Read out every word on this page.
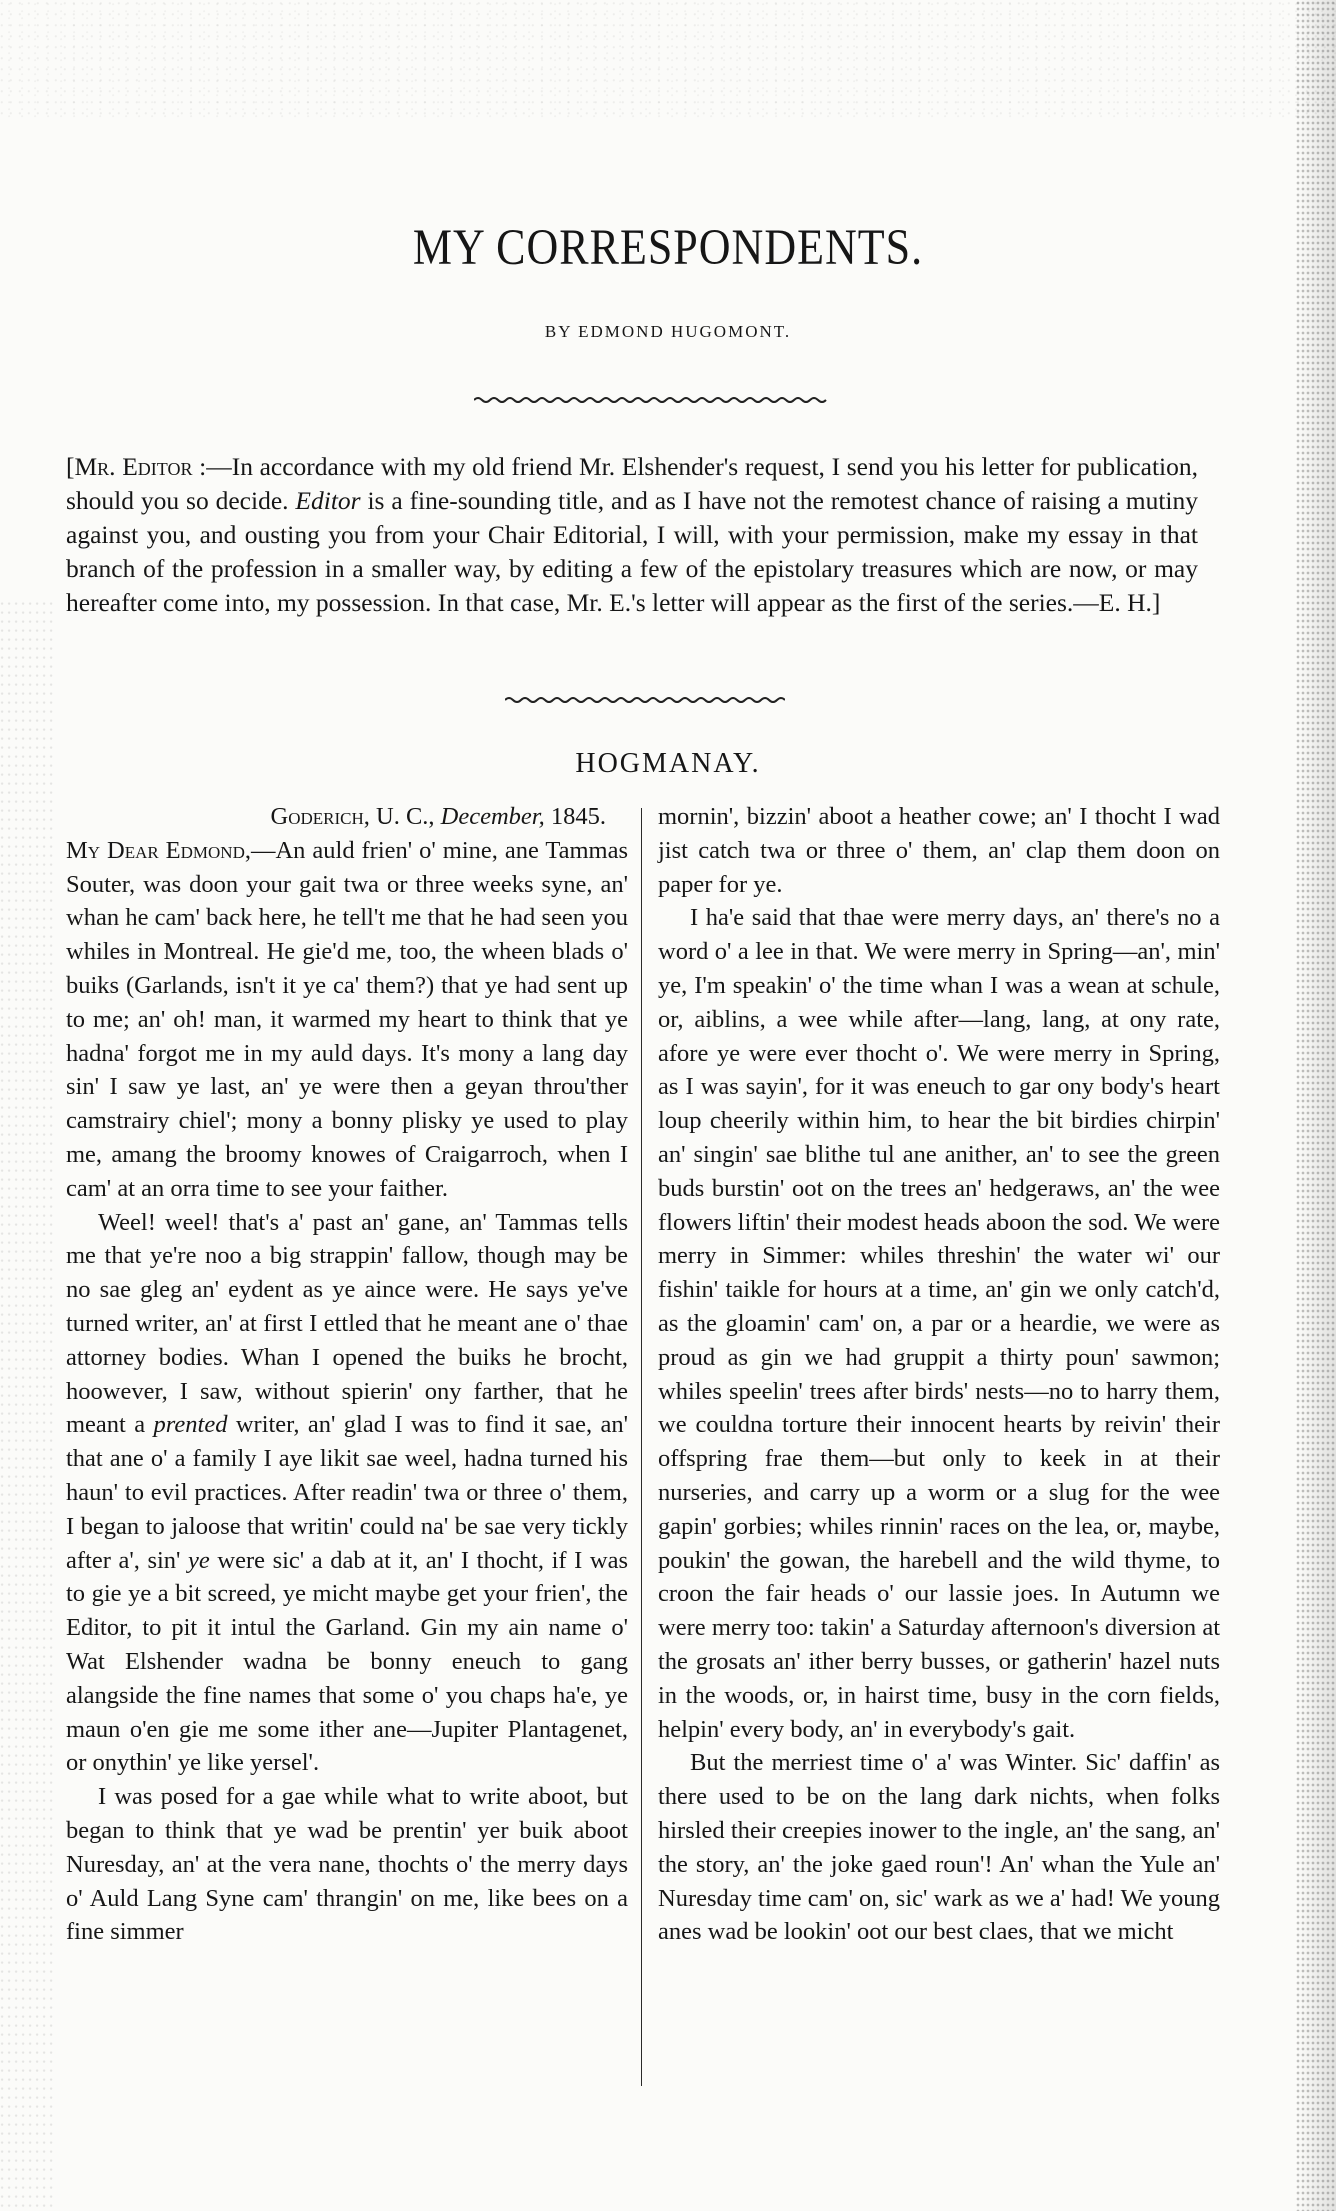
MY CORRESPONDENTS.
BY EDMOND HUGOMONT.
[Mr. Editor :—In accordance with my old friend Mr. Elshender's request, I send you his letter for publication, should you so decide. Editor is a fine-sounding title, and as I have not the remotest chance of raising a mutiny against you, and ousting you from your Chair Editorial, I will, with your permission, make my essay in that branch of the profession in a smaller way, by editing a few of the epistolary treasures which are now, or may hereafter come into, my possession. In that case, Mr. E.'s letter will appear as the first of the series.—E. H.]
HOGMANAY.

Goderich, U. C., December, 1845.

My Dear Edmond,—An auld frien' o' mine, ane Tammas Souter, was doon your gait twa or three weeks syne, an' whan he cam' back here, he tell't me that he had seen you whiles in Montreal. He gie'd me, too, the wheen blads o' buiks (Garlands, isn't it ye ca' them?) that ye had sent up to me; an' oh! man, it warmed my heart to think that ye hadna' forgot me in my auld days. It's mony a lang day sin' I saw ye last, an' ye were then a geyan throu'ther camstrairy chiel'; mony a bonny plisky ye used to play me, amang the broomy knowes of Craigarroch, when I cam' at an orra time to see your faither.

Weel! weel! that's a' past an' gane, an' Tammas tells me that ye're noo a big strappin' fallow, though may be no sae gleg an' eydent as ye aince were. He says ye've turned writer, an' at first I ettled that he meant ane o' thae attorney bodies. Whan I opened the buiks he brocht, hoowever, I saw, without spierin' ony farther, that he meant a prented writer, an' glad I was to find it sae, an' that ane o' a family I aye likit sae weel, hadna turned his haun' to evil practices. After readin' twa or three o' them, I began to jaloose that writin' could na' be sae very tickly after a', sin' ye were sic' a dab at it, an' I thocht, if I was to gie ye a bit screed, ye micht maybe get your frien', the Editor, to pit it intul the Garland. Gin my ain name o' Wat Elshender wadna be bonny eneuch to gang alangside the fine names that some o' you chaps ha'e, ye maun o'en gie me some ither ane—Jupiter Plantagenet, or onythin' ye like yersel'.

I was posed for a gae while what to write aboot, but began to think that ye wad be prentin' yer buik aboot Nuresday, an' at the vera nane, thochts o' the merry days o' Auld Lang Syne cam' thrangin' on me, like bees on a fine simmer

mornin', bizzin' aboot a heather cowe; an' I thocht I wad jist catch twa or three o' them, an' clap them doon on paper for ye.

I ha'e said that thae were merry days, an' there's no a word o' a lee in that. We were merry in Spring—an', min' ye, I'm speakin' o' the time whan I was a wean at schule, or, aiblins, a wee while after—lang, lang, at ony rate, afore ye were ever thocht o'. We were merry in Spring, as I was sayin', for it was eneuch to gar ony body's heart loup cheerily within him, to hear the bit birdies chirpin' an' singin' sae blithe tul ane anither, an' to see the green buds burstin' oot on the trees an' hedgeraws, an' the wee flowers liftin' their modest heads aboon the sod. We were merry in Simmer: whiles threshin' the water wi' our fishin' taikle for hours at a time, an' gin we only catch'd, as the gloamin' cam' on, a par or a heardie, we were as proud as gin we had gruppit a thirty poun' sawmon; whiles speelin' trees after birds' nests—no to harry them, we couldna torture their innocent hearts by reivin' their offspring frae them—but only to keek in at their nurseries, and carry up a worm or a slug for the wee gapin' gorbies; whiles rinnin' races on the lea, or, maybe, poukin' the gowan, the harebell and the wild thyme, to croon the fair heads o' our lassie joes. In Autumn we were merry too: takin' a Saturday afternoon's diversion at the grosats an' ither berry busses, or gatherin' hazel nuts in the woods, or, in hairst time, busy in the corn fields, helpin' every body, an' in everybody's gait.

But the merriest time o' a' was Winter. Sic' daffin' as there used to be on the lang dark nichts, when folks hirsled their creepies inower to the ingle, an' the sang, an' the story, an' the joke gaed roun'! An' whan the Yule an' Nuresday time cam' on, sic' wark as we a' had! We young anes wad be lookin' oot our best claes, that we micht
